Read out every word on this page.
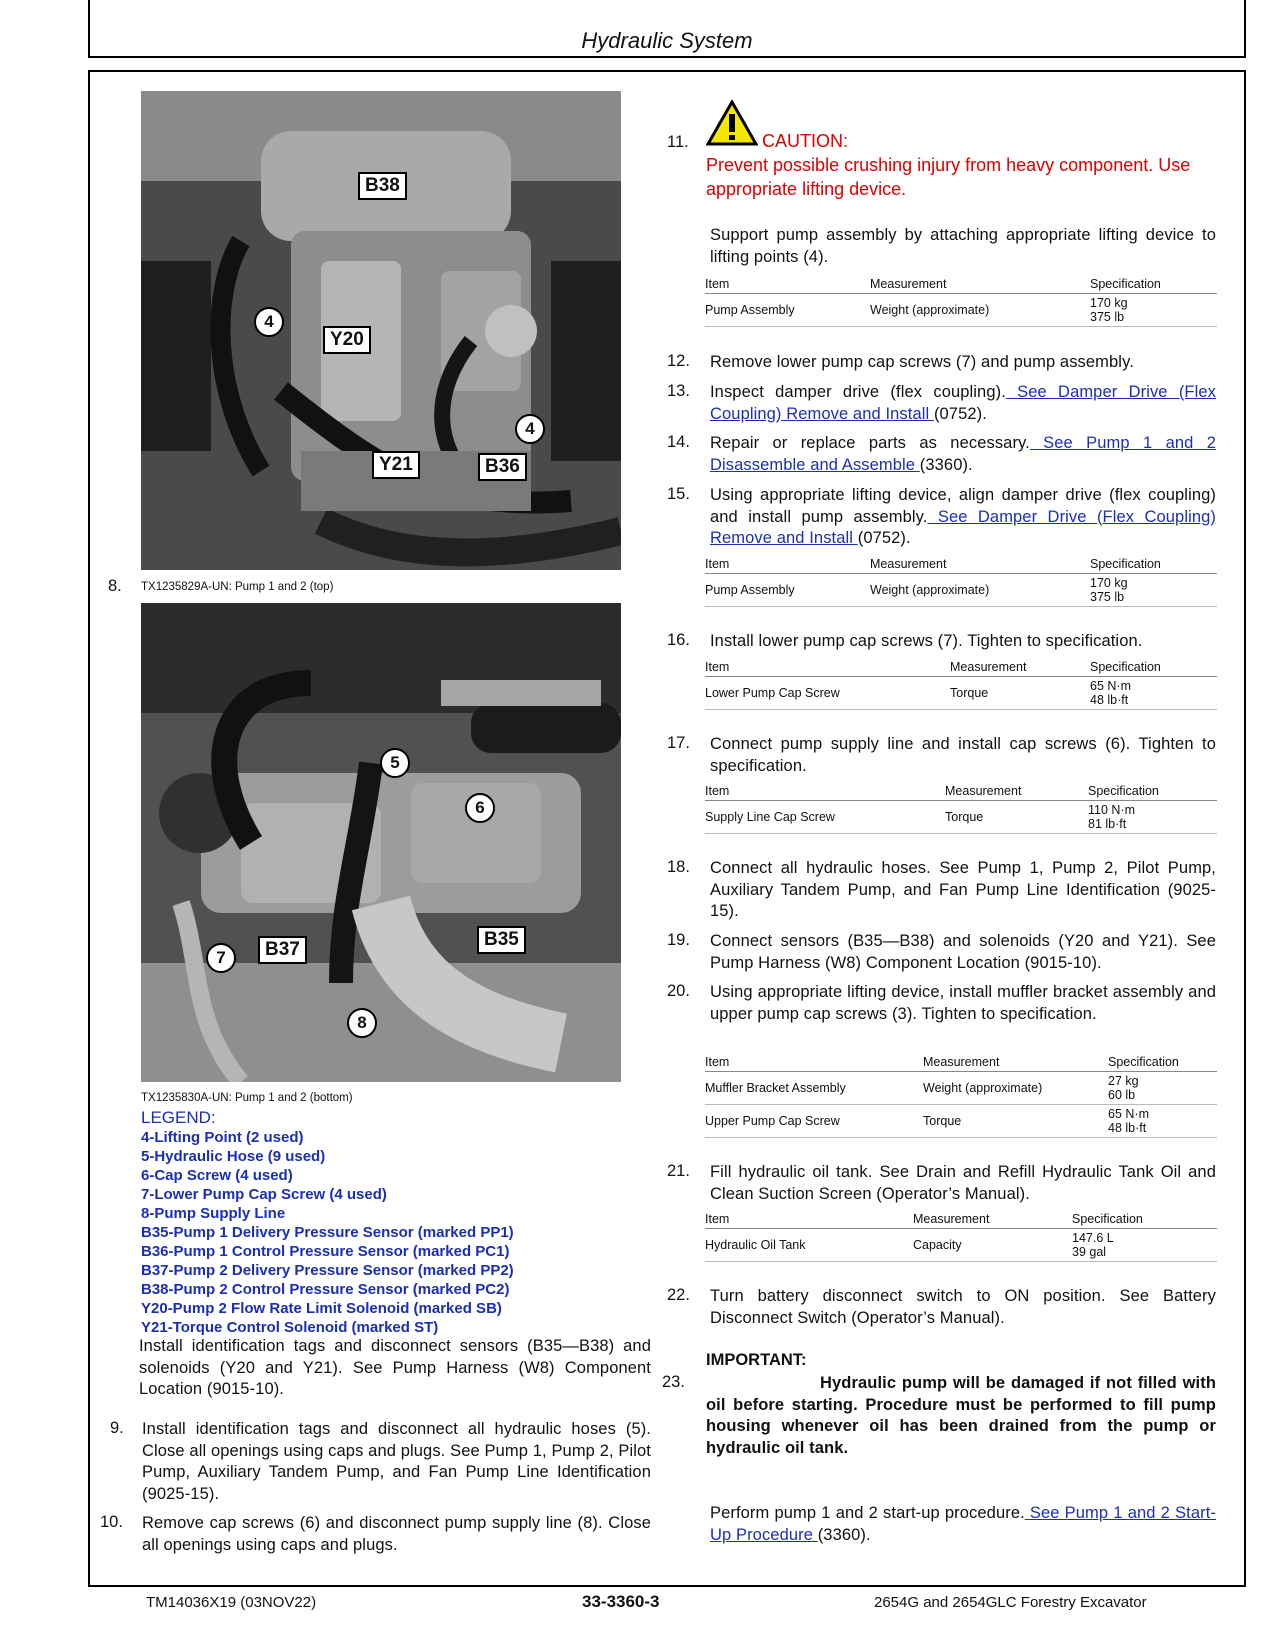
Hydraulic System
B38
4
Y20
4
Y21	B36
8. TX1235829A-UN: Pump 1 and 2 (top)
5
6
7	B37	B35
8
TX1235830A-UN: Pump 1 and 2 (bottom)
LEGEND:
4-Lifting Point (2 used)
5-Hydraulic Hose (9 used)
6-Cap Screw (4 used)
7-Lower Pump Cap Screw (4 used)
8-Pump Supply Line
B35-Pump 1 Delivery Pressure Sensor (marked PP1)
B36-Pump 1 Control Pressure Sensor (marked PC1)
B37-Pump 2 Delivery Pressure Sensor (marked PP2)
B38-Pump 2 Control Pressure Sensor (marked PC2)
Y20-Pump 2 Flow Rate Limit Solenoid (marked SB)
Y21-Torque Control Solenoid (marked ST)
Install identification tags and disconnect sensors (B35—B38) and solenoids (Y20 and Y21). See Pump Harness (W8) Component Location (9015-10).
9. Install identification tags and disconnect all hydraulic hoses (5). Close all openings using caps and plugs. See Pump 1, Pump 2, Pilot Pump, Auxiliary Tandem Pump, and Fan Pump Line Identification (9025-15).
10. Remove cap screws (6) and disconnect pump supply line (8). Close all openings using caps and plugs.
11.	CAUTION:
Prevent possible crushing injury from heavy component. Use appropriate lifting device.
Support pump assembly by attaching appropriate lifting device to lifting points (4).
Item	Measurement	Specification
Pump Assembly	Weight (approximate)	170 kg
375 lb
12. Remove lower pump cap screws (7) and pump assembly.
13. Inspect damper drive (flex coupling). See Damper Drive (Flex Coupling) Remove and Install (0752).
14. Repair or replace parts as necessary. See Pump 1 and 2 Disassemble and Assemble (3360).
15. Using appropriate lifting device, align damper drive (flex coupling) and install pump assembly. See Damper Drive (Flex Coupling) Remove and Install (0752).
Item	Measurement	Specification
Pump Assembly	Weight (approximate)	170 kg
375 lb
16. Install lower pump cap screws (7). Tighten to specification.
Item	Measurement	Specification
Lower Pump Cap Screw	Torque	65 N·m
48 lb·ft
17. Connect pump supply line and install cap screws (6). Tighten to specification.
Item	Measurement	Specification
Supply Line Cap Screw	Torque	110 N·m
81 lb·ft
18. Connect all hydraulic hoses. See Pump 1, Pump 2, Pilot Pump, Auxiliary Tandem Pump, and Fan Pump Line Identification (9025-15).
19. Connect sensors (B35—B38) and solenoids (Y20 and Y21). See Pump Harness (W8) Component Location (9015-10).
20. Using appropriate lifting device, install muffler bracket assembly and upper pump cap screws (3). Tighten to specification.
Item	Measurement	Specification
Muffler Bracket Assembly	Weight (approximate)	27 kg
60 lb

Upper Pump Cap Screw	Torque	65 N·m
48 lb·ft
21. Fill hydraulic oil tank. See Drain and Refill Hydraulic Tank Oil and Clean Suction Screen (Operator’s Manual).
Item	Measurement	Specification
Hydraulic Oil Tank	Capacity	147.6 L
39 gal
22. Turn battery disconnect switch to ON position. See Battery Disconnect Switch (Operator’s Manual).
IMPORTANT:
23.	Hydraulic pump will be damaged if not filled with oil before starting. Procedure must be performed to fill pump housing whenever oil has been drained from the pump or hydraulic oil tank.
Perform pump 1 and 2 start-up procedure. See Pump 1 and 2 Start-Up Procedure (3360).
TM14036X19 (03NOV22)	33-3360-3	2654G and 2654GLC Forestry Excavator
